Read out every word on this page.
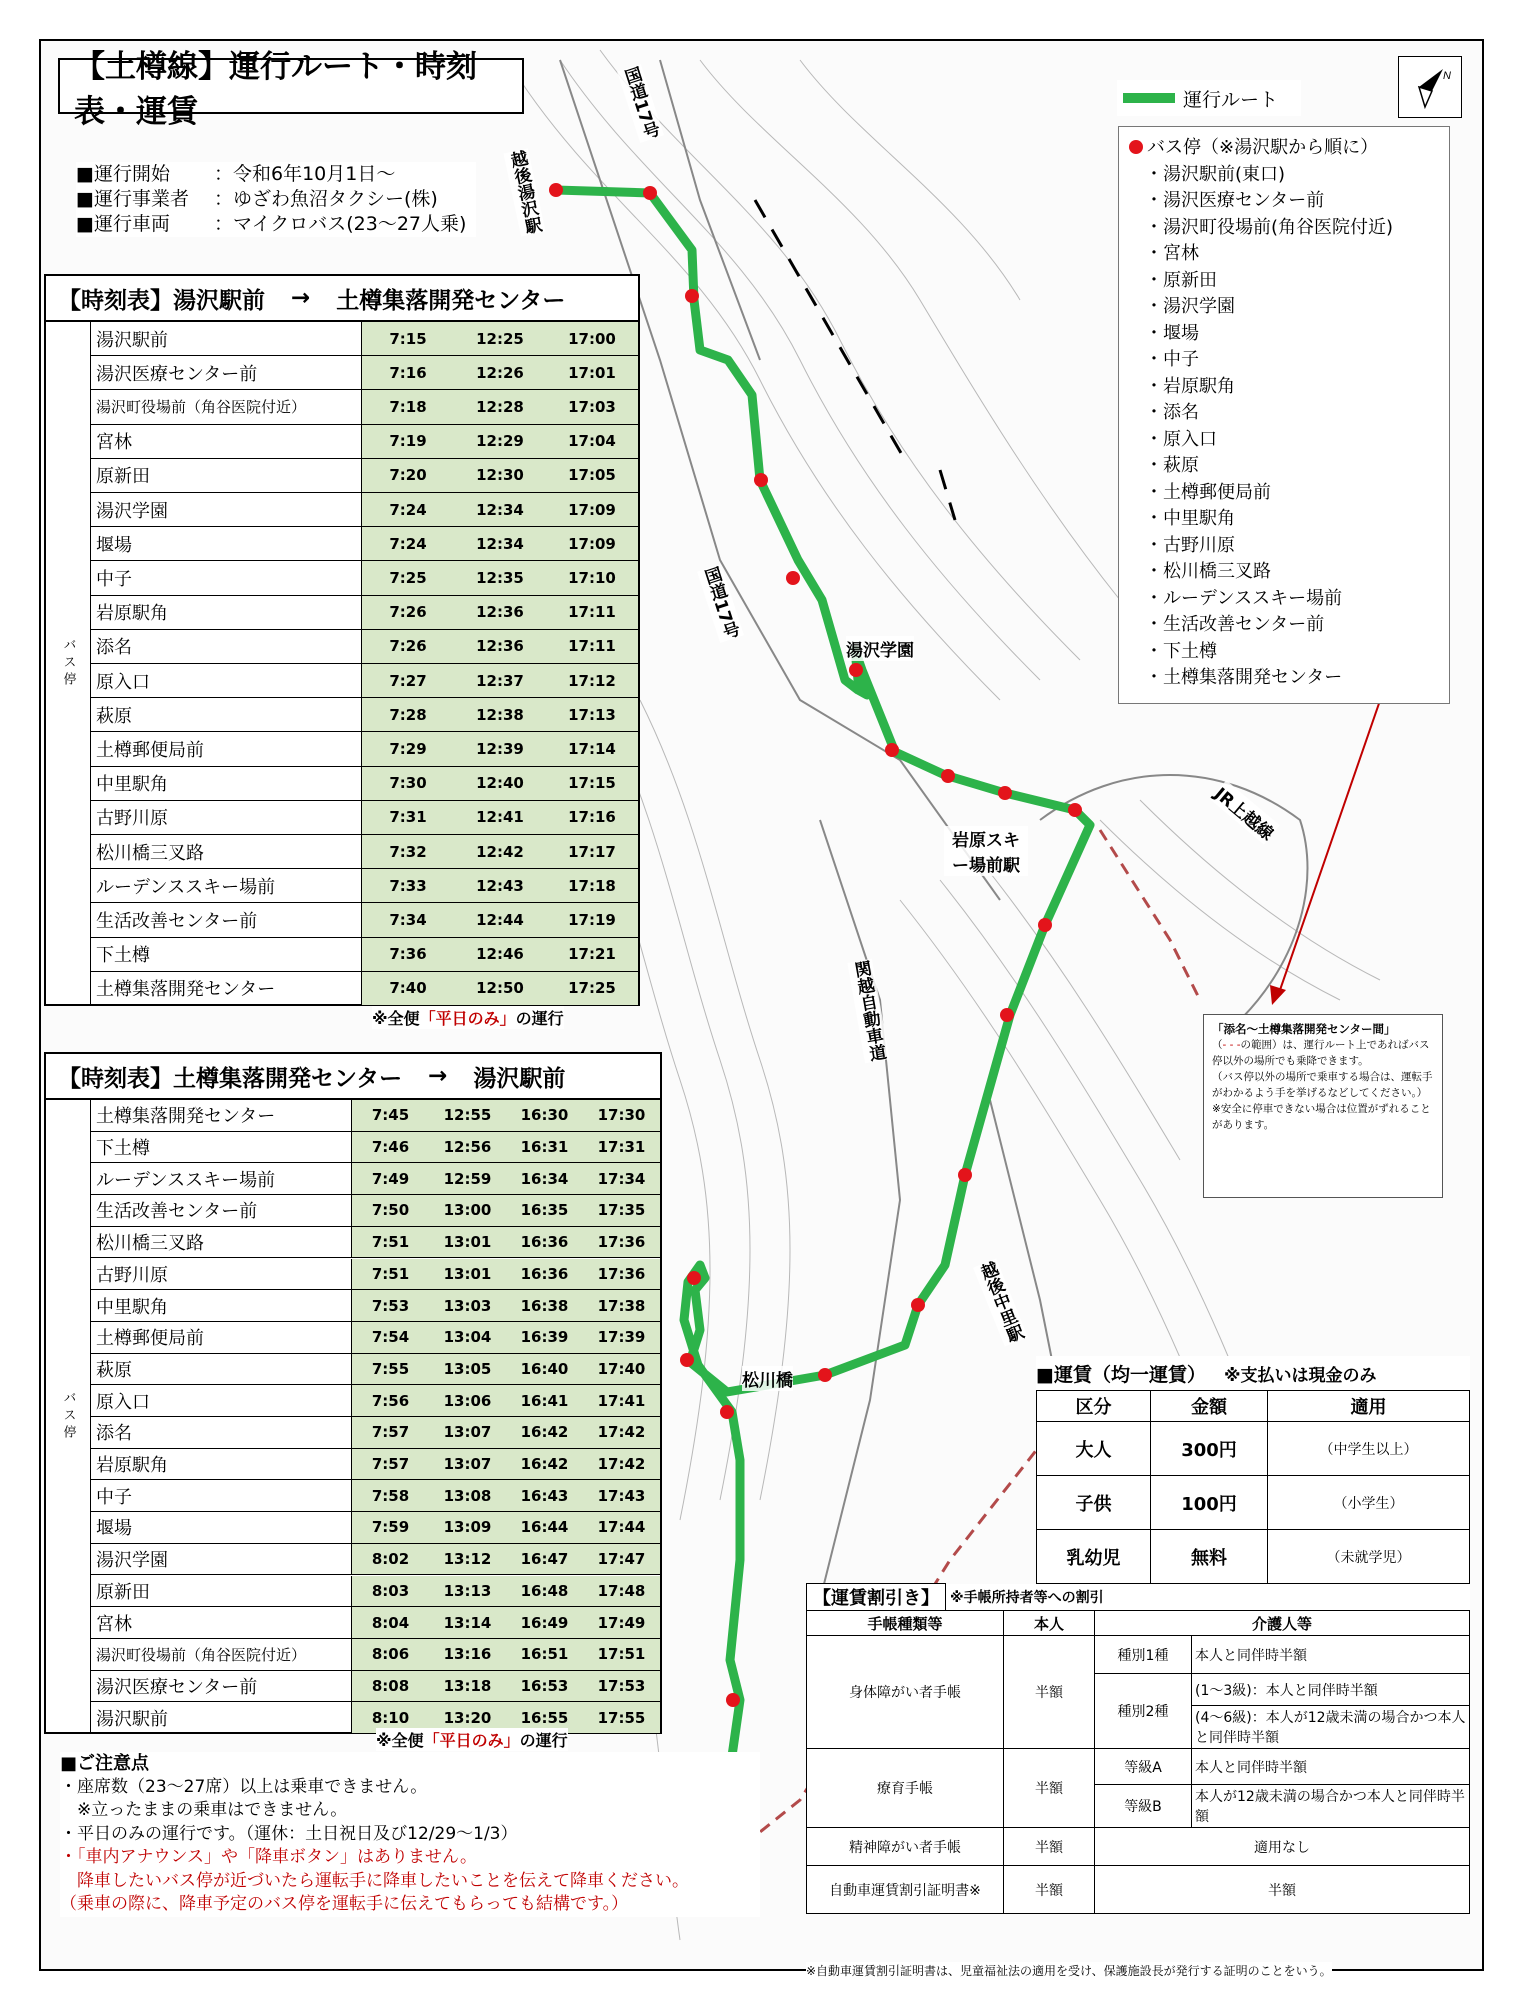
国道17号
越後湯沢駅
湯沢学園
国道17号
岩原スキー場前駅
JR上越線
関越自動車道
松川橋
越後中里駅
【土樽線】運行ルート・時刻表・運賃
■運行開始 ：令和6年10月1日～
■運行事業者 ：ゆざわ魚沼タクシー(株)
■運行車両 ：マイクロバス(23～27人乗)
運行ルート
N
バス停（※湯沢駅から順に）
・湯沢駅前(東口)
・湯沢医療センター前
・湯沢町役場前(角谷医院付近)
・宮林
・原新田
・湯沢学園
・堰場
・中子
・岩原駅角
・添名
・原入口
・萩原
・土樽郵便局前
・中里駅角
・古野川原
・松川橋三叉路
・ルーデンススキー場前
・生活改善センター前
・下土樽
・土樽集落開発センター
「添名～土樽集落開発センター間」
（- - -の範囲）は、運行ルート上であればバス停以外の場所でも乗降できます。
（バス停以外の場所で乗車する場合は、運転手がわかるよう手を挙げるなどしてください。）
※安全に停車できない場合は位置がずれることがあります。
【時刻表】湯沢駅前 → 土樽集落開発センター
バス停
湯沢駅前	7:15	12:25	17:00
湯沢医療センター前	7:16	12:26	17:01
湯沢町役場前（角谷医院付近）	7:18	12:28	17:03
宮林	7:19	12:29	17:04
原新田	7:20	12:30	17:05
湯沢学園	7:24	12:34	17:09
堰場	7:24	12:34	17:09
中子	7:25	12:35	17:10
岩原駅角	7:26	12:36	17:11
添名	7:26	12:36	17:11
原入口	7:27	12:37	17:12
萩原	7:28	12:38	17:13
土樽郵便局前	7:29	12:39	17:14
中里駅角	7:30	12:40	17:15
古野川原	7:31	12:41	17:16
松川橋三叉路	7:32	12:42	17:17
ルーデンススキー場前	7:33	12:43	17:18
生活改善センター前	7:34	12:44	17:19
下土樽	7:36	12:46	17:21
土樽集落開発センター	7:40	12:50	17:25
※全便「平日のみ」の運行
【時刻表】土樽集落開発センター → 湯沢駅前
バス停
土樽集落開発センター	7:45	12:55	16:30	17:30
下土樽	7:46	12:56	16:31	17:31
ルーデンススキー場前	7:49	12:59	16:34	17:34
生活改善センター前	7:50	13:00	16:35	17:35
松川橋三叉路	7:51	13:01	16:36	17:36
古野川原	7:51	13:01	16:36	17:36
中里駅角	7:53	13:03	16:38	17:38
土樽郵便局前	7:54	13:04	16:39	17:39
萩原	7:55	13:05	16:40	17:40
原入口	7:56	13:06	16:41	17:41
添名	7:57	13:07	16:42	17:42
岩原駅角	7:57	13:07	16:42	17:42
中子	7:58	13:08	16:43	17:43
堰場	7:59	13:09	16:44	17:44
湯沢学園	8:02	13:12	16:47	17:47
原新田	8:03	13:13	16:48	17:48
宮林	8:04	13:14	16:49	17:49
湯沢町役場前（角谷医院付近）	8:06	13:16	16:51	17:51
湯沢医療センター前	8:08	13:18	16:53	17:53
湯沢駅前	8:10	13:20	16:55	17:55
※全便「平日のみ」の運行
■運賃（均一運賃） ※支払いは現金のみ
区分	金額	適用
大人	300円	（中学生以上）
子供	100円	（小学生）
乳幼児	無料	（未就学児）
【運賃割引き】 ※手帳所持者等への割引
手帳種類等	本人	介護人等	
身体障がい者手帳	半額	種別1種	本人と同伴時半額
		種別2種	(1～3級)：本人と同伴時半額
			(4～6級)：本人が12歳未満の場合かつ本人と同伴時半額
療育手帳	半額	等級A	本人と同伴時半額
		等級B	本人が12歳未満の場合かつ本人と同伴時半額
精神障がい者手帳	半額	適用なし	
自動車運賃割引証明書※	半額	半額	
※自動車運賃割引証明書は、児童福祉法の適用を受け、保護施設長が発行する証明のことをいう。
■ご注意点
・座席数（23～27席）以上は乗車できません。
　※立ったままの乗車はできません。
・平日のみの運行です。（運休：土日祝日及び12/29～1/3）
・「車内アナウンス」や「降車ボタン」はありません。
　降車したいバス停が近づいたら運転手に降車したいことを伝えて降車ください。
（乗車の際に、降車予定のバス停を運転手に伝えてもらっても結構です。）
